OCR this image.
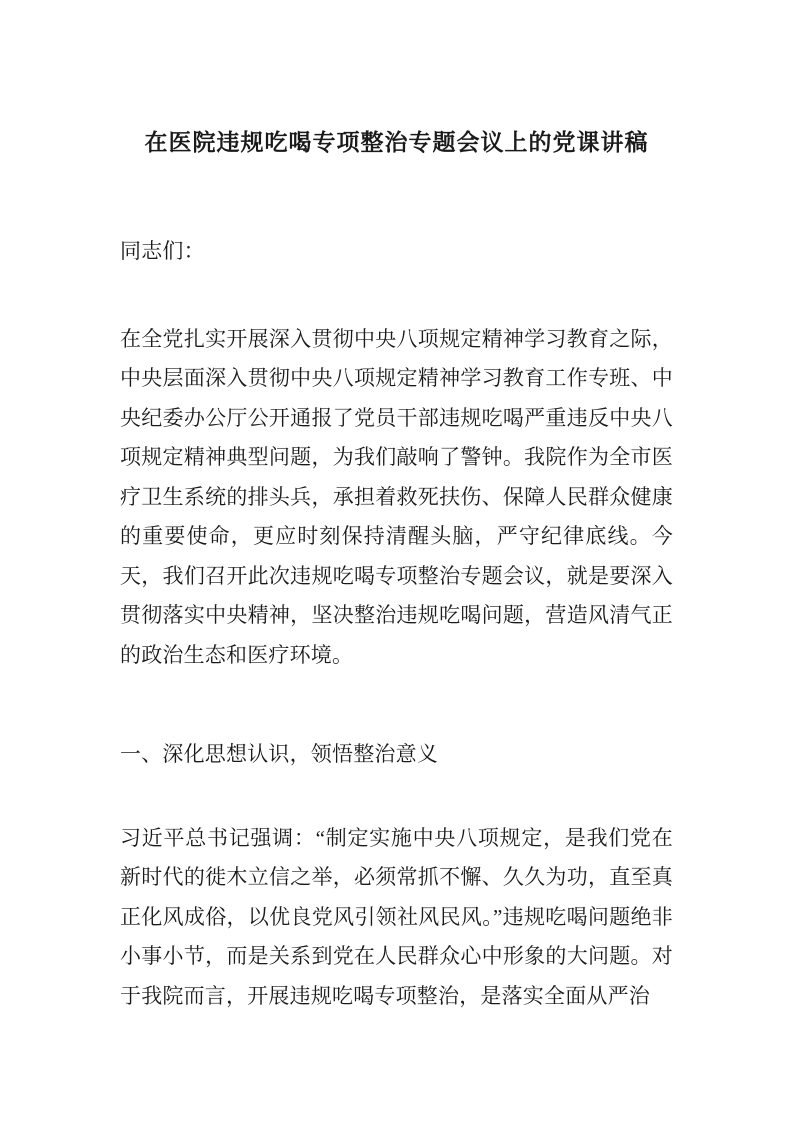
在医院违规吃喝专项整治专题会议上的党课讲稿

同志们：

在全党扎实开展深入贯彻中央八项规定精神学习教育之际，中央层面深入贯彻中央八项规定精神学习教育工作专班、中央纪委办公厅公开通报了党员干部违规吃喝严重违反中央八项规定精神典型问题，为我们敲响了警钟。我院作为全市医疗卫生系统的排头兵，承担着救死扶伤、保障人民群众健康的重要使命，更应时刻保持清醒头脑，严守纪律底线。今天，我们召开此次违规吃喝专项整治专题会议，就是要深入贯彻落实中央精神，坚决整治违规吃喝问题，营造风清气正的政治生态和医疗环境。

一、深化思想认识，领悟整治意义

习近平总书记强调：“制定实施中央八项规定，是我们党在新时代的徙木立信之举，必须常抓不懈、久久为功，直至真正化风成俗，以优良党风引领社风民风。”违规吃喝问题绝非小事小节，而是关系到党在人民群众心中形象的大问题。对于我院而言，开展违规吃喝专项整治，是落实全面从严治
